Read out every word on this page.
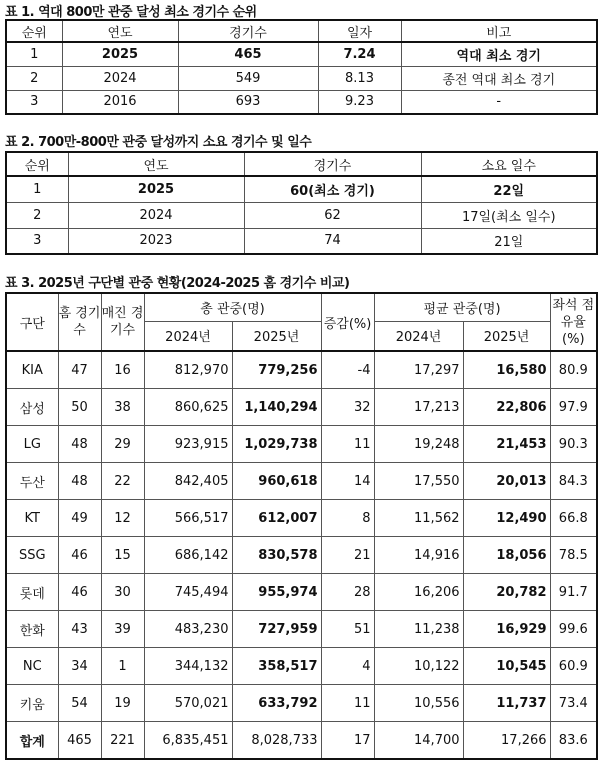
표 1. 역대 800만 관중 달성 최소 경기수 순위
순위	연도	경기수	일자	비고
1	2025	465	7.24	역대 최소 경기
2	2024	549	8.13	종전 역대 최소 경기
3	2016	693	9.23	-
표 2. 700만-800만 관중 달성까지 소요 경기수 및 일수
순위	연도	경기수	소요 일수
1	2025	60(최소 경기)	22일
2	2024	62	17일(최소 일수)
3	2023	74	21일
표 3. 2025년 구단별 관중 현황(2024-2025 홈 경기수 비교)
구단	홈 경기수	매진 경기수	총 관중(명)		증감(%)	평균 관중(명)		좌석 점유율 (%)
			2024년	2025년		2024년	2025년	
KIA	47	16	812,970	779,256	-4	17,297	16,580	80.9
삼성	50	38	860,625	1,140,294	32	17,213	22,806	97.9
LG	48	29	923,915	1,029,738	11	19,248	21,453	90.3
두산	48	22	842,405	960,618	14	17,550	20,013	84.3
KT	49	12	566,517	612,007	8	11,562	12,490	66.8
SSG	46	15	686,142	830,578	21	14,916	18,056	78.5
롯데	46	30	745,494	955,974	28	16,206	20,782	91.7
한화	43	39	483,230	727,959	51	11,238	16,929	99.6
NC	34	1	344,132	358,517	4	10,122	10,545	60.9
키움	54	19	570,021	633,792	11	10,556	11,737	73.4
합계	465	221	6,835,451	8,028,733	17	14,700	17,266	83.6
